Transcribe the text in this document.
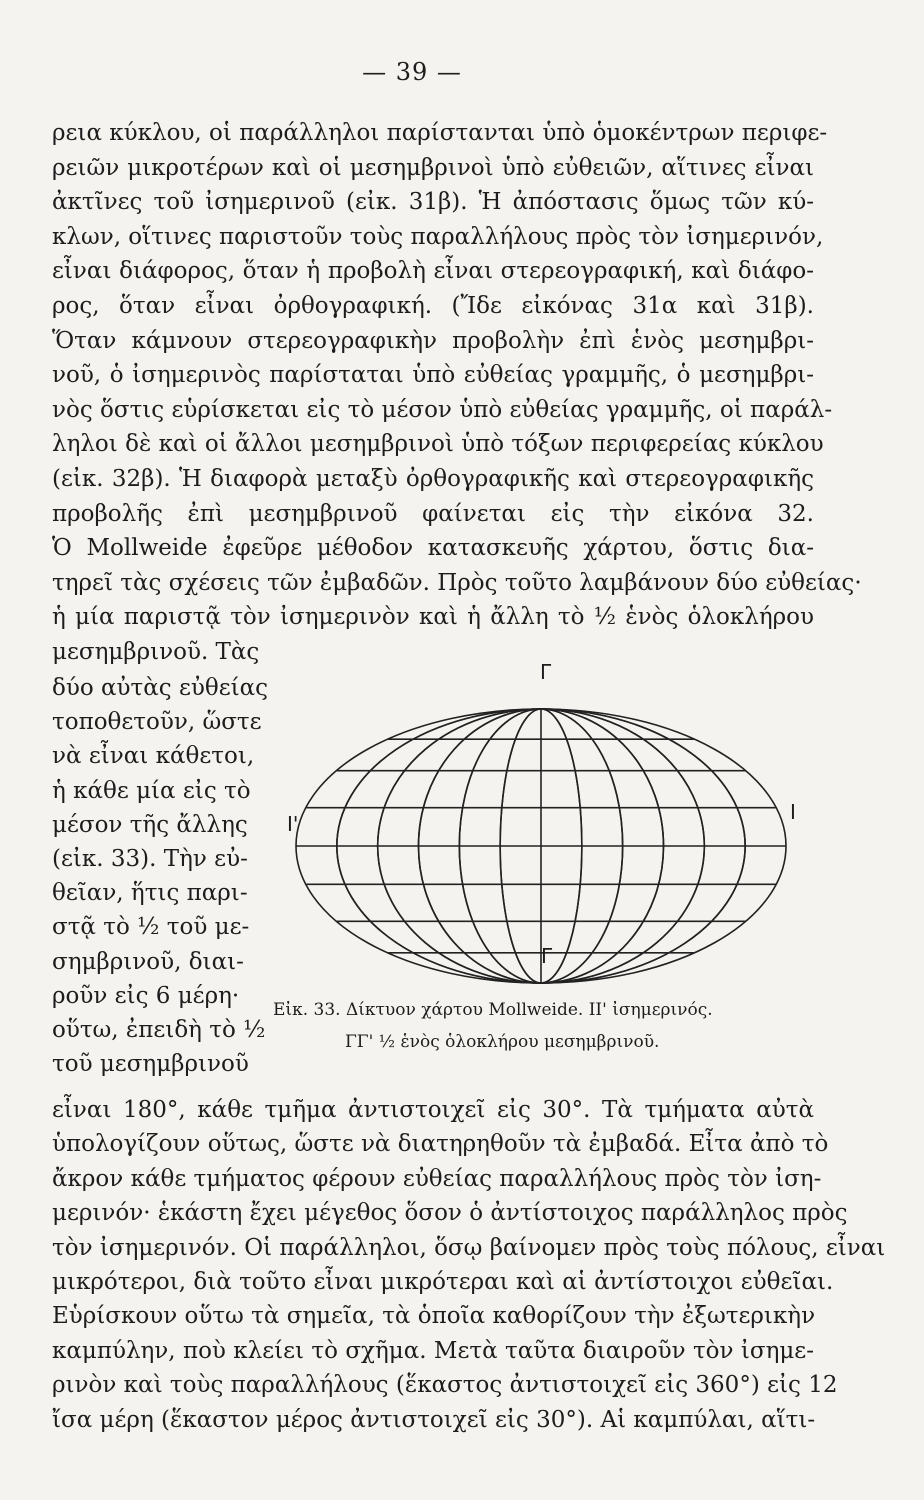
— 39 —
ρεια κύκλου, οἱ παράλληλοι παρίστανται ὑπὸ ὁμοκέντρων περιφε-
ρειῶν μικροτέρων καὶ οἱ μεσημβρινοὶ ὑπὸ εὐθειῶν, αἵτινες εἶναι
ἀκτῖνες τοῦ ἰσημερινοῦ (εἰκ. 31β). Ἡ ἀπόστασις ὅμως τῶν κύ-
κλων, οἵτινες παριστοῦν τοὺς παραλλήλους πρὸς τὸν ἰσημερινόν,
εἶναι διάφορος, ὅταν ἡ προβολὴ εἶναι στερεογραφική, καὶ διάφο-
ρος, ὅταν εἶναι ὀρθογραφική. (Ἴδε εἰκόνας 31α καὶ 31β).
Ὅταν κάμνουν στερεογραφικὴν προβολὴν ἐπὶ ἑνὸς μεσημβρι-
νοῦ, ὁ ἰσημερινὸς παρίσταται ὑπὸ εὐθείας γραμμῆς, ὁ μεσημβρι-
νὸς ὅστις εὑρίσκεται εἰς τὸ μέσον ὑπὸ εὐθείας γραμμῆς, οἱ παράλ-
ληλοι δὲ καὶ οἱ ἄλλοι μεσημβρινοὶ ὑπὸ τόξων περιφερείας κύκλου
(εἰκ. 32β). Ἡ διαφορὰ μεταξὺ ὀρθογραφικῆς καὶ στερεογραφικῆς
προβολῆς ἐπὶ μεσημβρινοῦ φαίνεται εἰς τὴν εἰκόνα 32.
Ὁ Mollweide ἐφεῦρε μέθοδον κατασκευῆς χάρτου, ὅστις δια-
τηρεῖ τὰς σχέσεις τῶν ἐμβαδῶν. Πρὸς τοῦτο λαμβάνουν δύο εὐθείας·
ἡ μία παριστᾷ τὸν ἰσημερινὸν καὶ ἡ ἄλλη τὸ ½ ἑνὸς ὁλοκλήρου
μεσημβρινοῦ. Τὰς
δύο αὐτὰς εὐθείας
τοποθετοῦν, ὥστε
νὰ εἶναι κάθετοι,
ἡ κάθε μία εἰς τὸ
μέσον τῆς ἄλλης
(εἰκ. 33). Τὴν εὐ-
θεῖαν, ἥτις παρι-
στᾷ τὸ ½ τοῦ με-
σημβρινοῦ, διαι-
ροῦν εἰς 6 μέρη·
οὕτω, ἐπειδὴ τὸ ½
τοῦ μεσημβρινοῦ
Γ
Γ
Ι'	Ι
Εἰκ. 33. Δίκτυον χάρτου Mollweide. ΙΙ' ἰσημερινός.
ΓΓ' ½ ἑνὸς ὁλοκλήρου μεσημβρινοῦ.
εἶναι 180°, κάθε τμῆμα ἀντιστοιχεῖ εἰς 30°. Τὰ τμήματα αὐτὰ
ὑπολογίζουν οὕτως, ὥστε νὰ διατηρηθοῦν τὰ ἐμβαδά. Εἶτα ἀπὸ τὸ
ἄκρον κάθε τμήματος φέρουν εὐθείας παραλλήλους πρὸς τὸν ἰση-
μερινόν· ἑκάστη ἔχει μέγεθος ὅσον ὁ ἀντίστοιχος παράλληλος πρὸς
τὸν ἰσημερινόν. Οἱ παράλληλοι, ὅσῳ βαίνομεν πρὸς τοὺς πόλους, εἶναι
μικρότεροι, διὰ τοῦτο εἶναι μικρότεραι καὶ αἱ ἀντίστοιχοι εὐθεῖαι.
Εὑρίσκουν οὕτω τὰ σημεῖα, τὰ ὁποῖα καθορίζουν τὴν ἐξωτερικὴν
καμπύλην, ποὺ κλείει τὸ σχῆμα. Μετὰ ταῦτα διαιροῦν τὸν ἰσημε-
ρινὸν καὶ τοὺς παραλλήλους (ἕκαστος ἀντιστοιχεῖ εἰς 360°) εἰς 12
ἴσα μέρη (ἕκαστον μέρος ἀντιστοιχεῖ εἰς 30°). Αἱ καμπύλαι, αἵτι-
